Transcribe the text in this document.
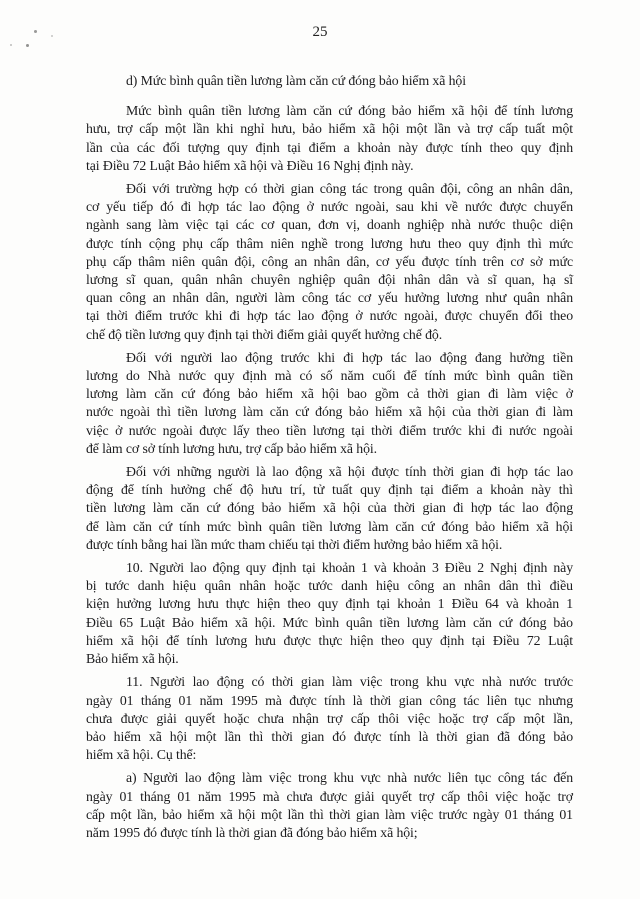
25
d) Mức bình quân tiền lương làm căn cứ đóng bảo hiểm xã hội
Mức bình quân tiền lương làm căn cứ đóng bảo hiểm xã hội để tính lương
hưu, trợ cấp một lần khi nghỉ hưu, bảo hiểm xã hội một lần và trợ cấp tuất một
lần của các đối tượng quy định tại điểm a khoản này được tính theo quy định
tại Điều 72 Luật Bảo hiểm xã hội và Điều 16 Nghị định này.
Đối với trường hợp có thời gian công tác trong quân đội, công an nhân dân,
cơ yếu tiếp đó đi hợp tác lao động ở nước ngoài, sau khi về nước được chuyển
ngành sang làm việc tại các cơ quan, đơn vị, doanh nghiệp nhà nước thuộc diện
được tính cộng phụ cấp thâm niên nghề trong lương hưu theo quy định thì mức
phụ cấp thâm niên quân đội, công an nhân dân, cơ yếu được tính trên cơ sở mức
lương sĩ quan, quân nhân chuyên nghiệp quân đội nhân dân và sĩ quan, hạ sĩ
quan công an nhân dân, người làm công tác cơ yếu hưởng lương như quân nhân
tại thời điểm trước khi đi hợp tác lao động ở nước ngoài, được chuyển đổi theo
chế độ tiền lương quy định tại thời điểm giải quyết hưởng chế độ.
Đối với người lao động trước khi đi hợp tác lao động đang hưởng tiền
lương do Nhà nước quy định mà có số năm cuối để tính mức bình quân tiền
lương làm căn cứ đóng bảo hiểm xã hội bao gồm cả thời gian đi làm việc ở
nước ngoài thì tiền lương làm căn cứ đóng bảo hiểm xã hội của thời gian đi làm
việc ở nước ngoài được lấy theo tiền lương tại thời điểm trước khi đi nước ngoài
để làm cơ sở tính lương hưu, trợ cấp bảo hiểm xã hội.
Đối với những người là lao động xã hội được tính thời gian đi hợp tác lao
động để tính hưởng chế độ hưu trí, tử tuất quy định tại điểm a khoản này thì
tiền lương làm căn cứ đóng bảo hiểm xã hội của thời gian đi hợp tác lao động
để làm căn cứ tính mức bình quân tiền lương làm căn cứ đóng bảo hiểm xã hội
được tính bằng hai lần mức tham chiếu tại thời điểm hưởng bảo hiểm xã hội.
10. Người lao động quy định tại khoản 1 và khoản 3 Điều 2 Nghị định này
bị tước danh hiệu quân nhân hoặc tước danh hiệu công an nhân dân thì điều
kiện hưởng lương hưu thực hiện theo quy định tại khoản 1 Điều 64 và khoản 1
Điều 65 Luật Bảo hiểm xã hội. Mức bình quân tiền lương làm căn cứ đóng bảo
hiểm xã hội để tính lương hưu được thực hiện theo quy định tại Điều 72 Luật
Bảo hiểm xã hội.
11. Người lao động có thời gian làm việc trong khu vực nhà nước trước
ngày 01 tháng 01 năm 1995 mà được tính là thời gian công tác liên tục nhưng
chưa được giải quyết hoặc chưa nhận trợ cấp thôi việc hoặc trợ cấp một lần,
bảo hiểm xã hội một lần thì thời gian đó được tính là thời gian đã đóng bảo
hiểm xã hội. Cụ thể:
a) Người lao động làm việc trong khu vực nhà nước liên tục công tác đến
ngày 01 tháng 01 năm 1995 mà chưa được giải quyết trợ cấp thôi việc hoặc trợ
cấp một lần, bảo hiểm xã hội một lần thì thời gian làm việc trước ngày 01 tháng 01
năm 1995 đó được tính là thời gian đã đóng bảo hiểm xã hội;
